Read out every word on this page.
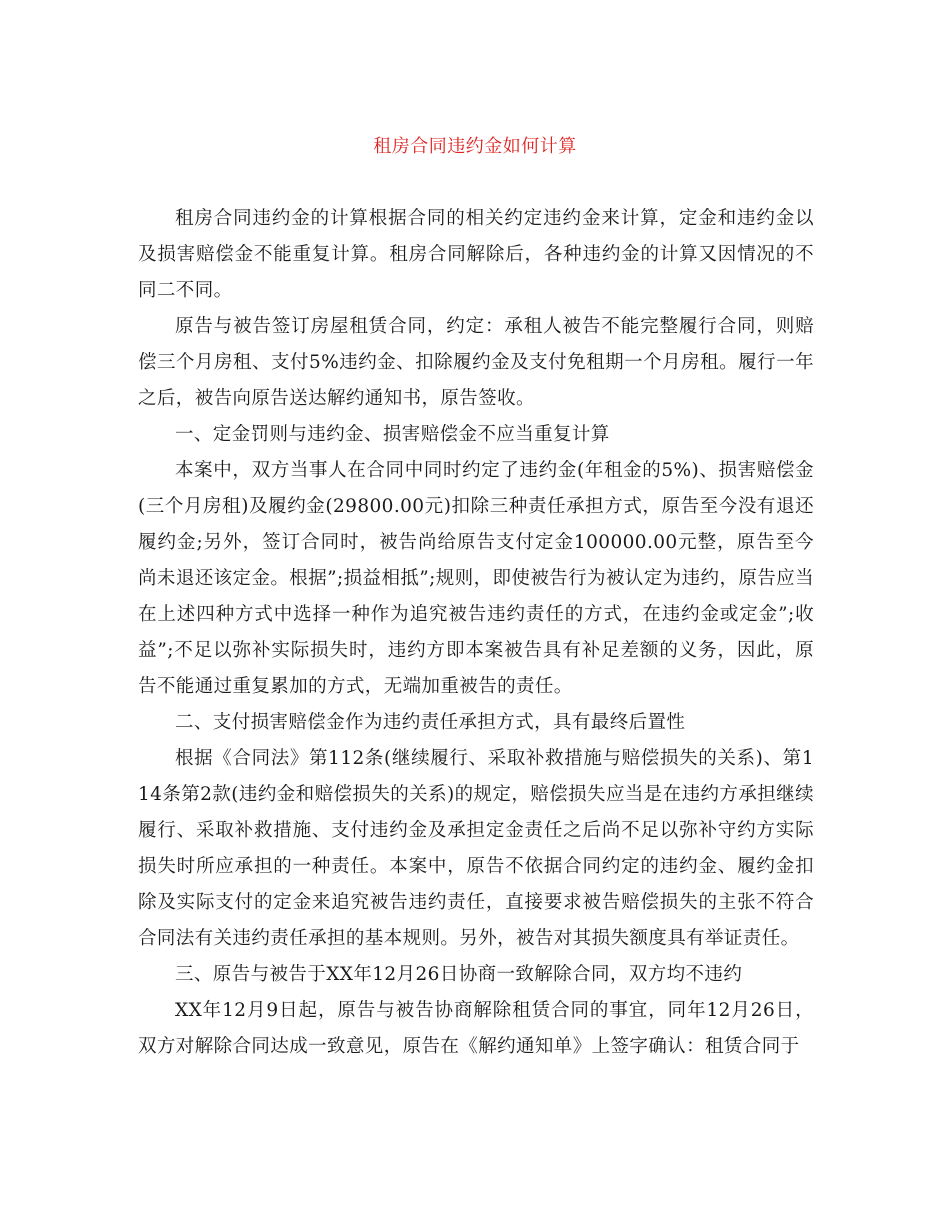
租房合同违约金如何计算

租房合同违约金的计算根据合同的相关约定违约金来计算，定金和违约金以及损害赔偿金不能重复计算。租房合同解除后，各种违约金的计算又因情况的不同二不同。

原告与被告签订房屋租赁合同，约定：承租人被告不能完整履行合同，则赔偿三个月房租、支付5%违约金、扣除履约金及支付免租期一个月房租。履行一年之后，被告向原告送达解约通知书，原告签收。

一、定金罚则与违约金、损害赔偿金不应当重复计算

本案中，双方当事人在合同中同时约定了违约金(年租金的5%)、损害赔偿金(三个月房租)及履约金(29800.00元)扣除三种责任承担方式，原告至今没有退还履约金;另外，签订合同时，被告尚给原告支付定金100000.00元整，原告至今尚未退还该定金。根据”;损益相抵”;规则，即使被告行为被认定为违约，原告应当在上述四种方式中选择一种作为追究被告违约责任的方式，在违约金或定金”;收益”;不足以弥补实际损失时，违约方即本案被告具有补足差额的义务，因此，原告不能通过重复累加的方式，无端加重被告的责任。

二、支付损害赔偿金作为违约责任承担方式，具有最终后置性

根据《合同法》第112条(继续履行、采取补救措施与赔偿损失的关系)、第114条第2款(违约金和赔偿损失的关系)的规定，赔偿损失应当是在违约方承担继续履行、采取补救措施、支付违约金及承担定金责任之后尚不足以弥补守约方实际损失时所应承担的一种责任。本案中，原告不依据合同约定的违约金、履约金扣除及实际支付的定金来追究被告违约责任，直接要求被告赔偿损失的主张不符合合同法有关违约责任承担的基本规则。另外，被告对其损失额度具有举证责任。

三、原告与被告于XX年12月26日协商一致解除合同，双方均不违约

XX年12月9日起，原告与被告协商解除租赁合同的事宜，同年12月26日，双方对解除合同达成一致意见，原告在《解约通知单》上签字确认：租赁合同于
